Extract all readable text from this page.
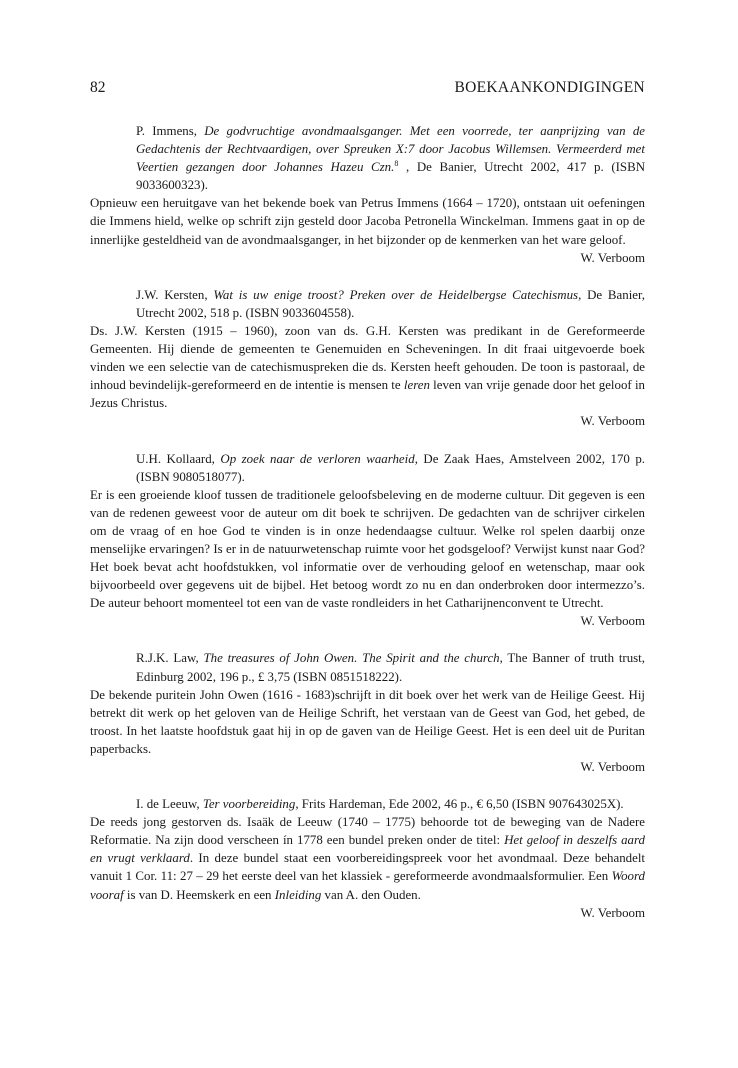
82	BOEKAANKONDIGINGEN

P. Immens, De godvruchtige avondmaalsganger. Met een voorrede, ter aanprijzing van de Gedachtenis der Rechtvaardigen, over Spreuken X:7 door Jacobus Willemsen. Vermeerderd met Veertien gezangen door Johannes Hazeu Czn.$^8$ , De Banier, Utrecht 2002, 417 p. (ISBN 9033600323).

Opnieuw een heruitgave van het bekende boek van Petrus Immens (1664 – 1720), ontstaan uit oefeningen die Immens hield, welke op schrift zijn gesteld door Jacoba Petronella Winckelman. Immens gaat in op de innerlijke gesteldheid van de avondmaalsganger, in het bijzonder op de kenmerken van het ware geloof.

W. Verboom

J.W. Kersten, Wat is uw enige troost? Preken over de Heidelbergse Catechismus, De Banier, Utrecht 2002, 518 p. (ISBN 9033604558).

Ds. J.W. Kersten (1915 – 1960), zoon van ds. G.H. Kersten was predikant in de Gereformeerde Gemeenten. Hij diende de gemeenten te Genemuiden en Scheveningen. In dit fraai uitgevoerde boek vinden we een selectie van de catechismuspreken die ds. Kersten heeft gehouden. De toon is pastoraal, de inhoud bevindelijk-gereformeerd en de intentie is mensen te leren leven van vrije genade door het geloof in Jezus Christus.

W. Verboom

U.H. Kollaard, Op zoek naar de verloren waarheid, De Zaak Haes, Amstelveen 2002, 170 p. (ISBN 9080518077).

Er is een groeiende kloof tussen de traditionele geloofsbeleving en de moderne cultuur. Dit gegeven is een van de redenen geweest voor de auteur om dit boek te schrijven. De gedachten van de schrijver cirkelen om de vraag of en hoe God te vinden is in onze hedendaagse cultuur. Welke rol spelen daarbij onze menselijke ervaringen? Is er in de natuurwetenschap ruimte voor het godsgeloof? Verwijst kunst naar God? Het boek bevat acht hoofdstukken, vol informatie over de verhouding geloof en wetenschap, maar ook bijvoorbeeld over gegevens uit de bijbel. Het betoog wordt zo nu en dan onderbroken door intermezzo’s. De auteur behoort momenteel tot een van de vaste rondleiders in het Catharijnenconvent te Utrecht.

W. Verboom

R.J.K. Law, The treasures of John Owen. The Spirit and the church, The Banner of truth trust, Edinburg 2002, 196 p., £ 3,75 (ISBN 0851518222).

De bekende puritein John Owen (1616 - 1683)schrijft in dit boek over het werk van de Heilige Geest. Hij betrekt dit werk op het geloven van de Heilige Schrift, het verstaan van de Geest van God, het gebed, de troost. In het laatste hoofdstuk gaat hij in op de gaven van de Heilige Geest. Het is een deel uit de Puritan paperbacks.

W. Verboom

I. de Leeuw, Ter voorbereiding, Frits Hardeman, Ede 2002, 46 p., € 6,50 (ISBN 907643025X).

De reeds jong gestorven ds. Isaäk de Leeuw (1740 – 1775) behoorde tot de beweging van de Nadere Reformatie. Na zijn dood verscheen ín 1778 een bundel preken onder de titel: Het geloof in deszelfs aard en vrugt verklaard. In deze bundel staat een voorbereidingspreek voor het avondmaal. Deze behandelt vanuit 1 Cor. 11: 27 – 29 het eerste deel van het klassiek - gereformeerde avondmaalsformulier. Een Woord vooraf is van D. Heemskerk en een Inleiding van A. den Ouden.

W. Verboom
